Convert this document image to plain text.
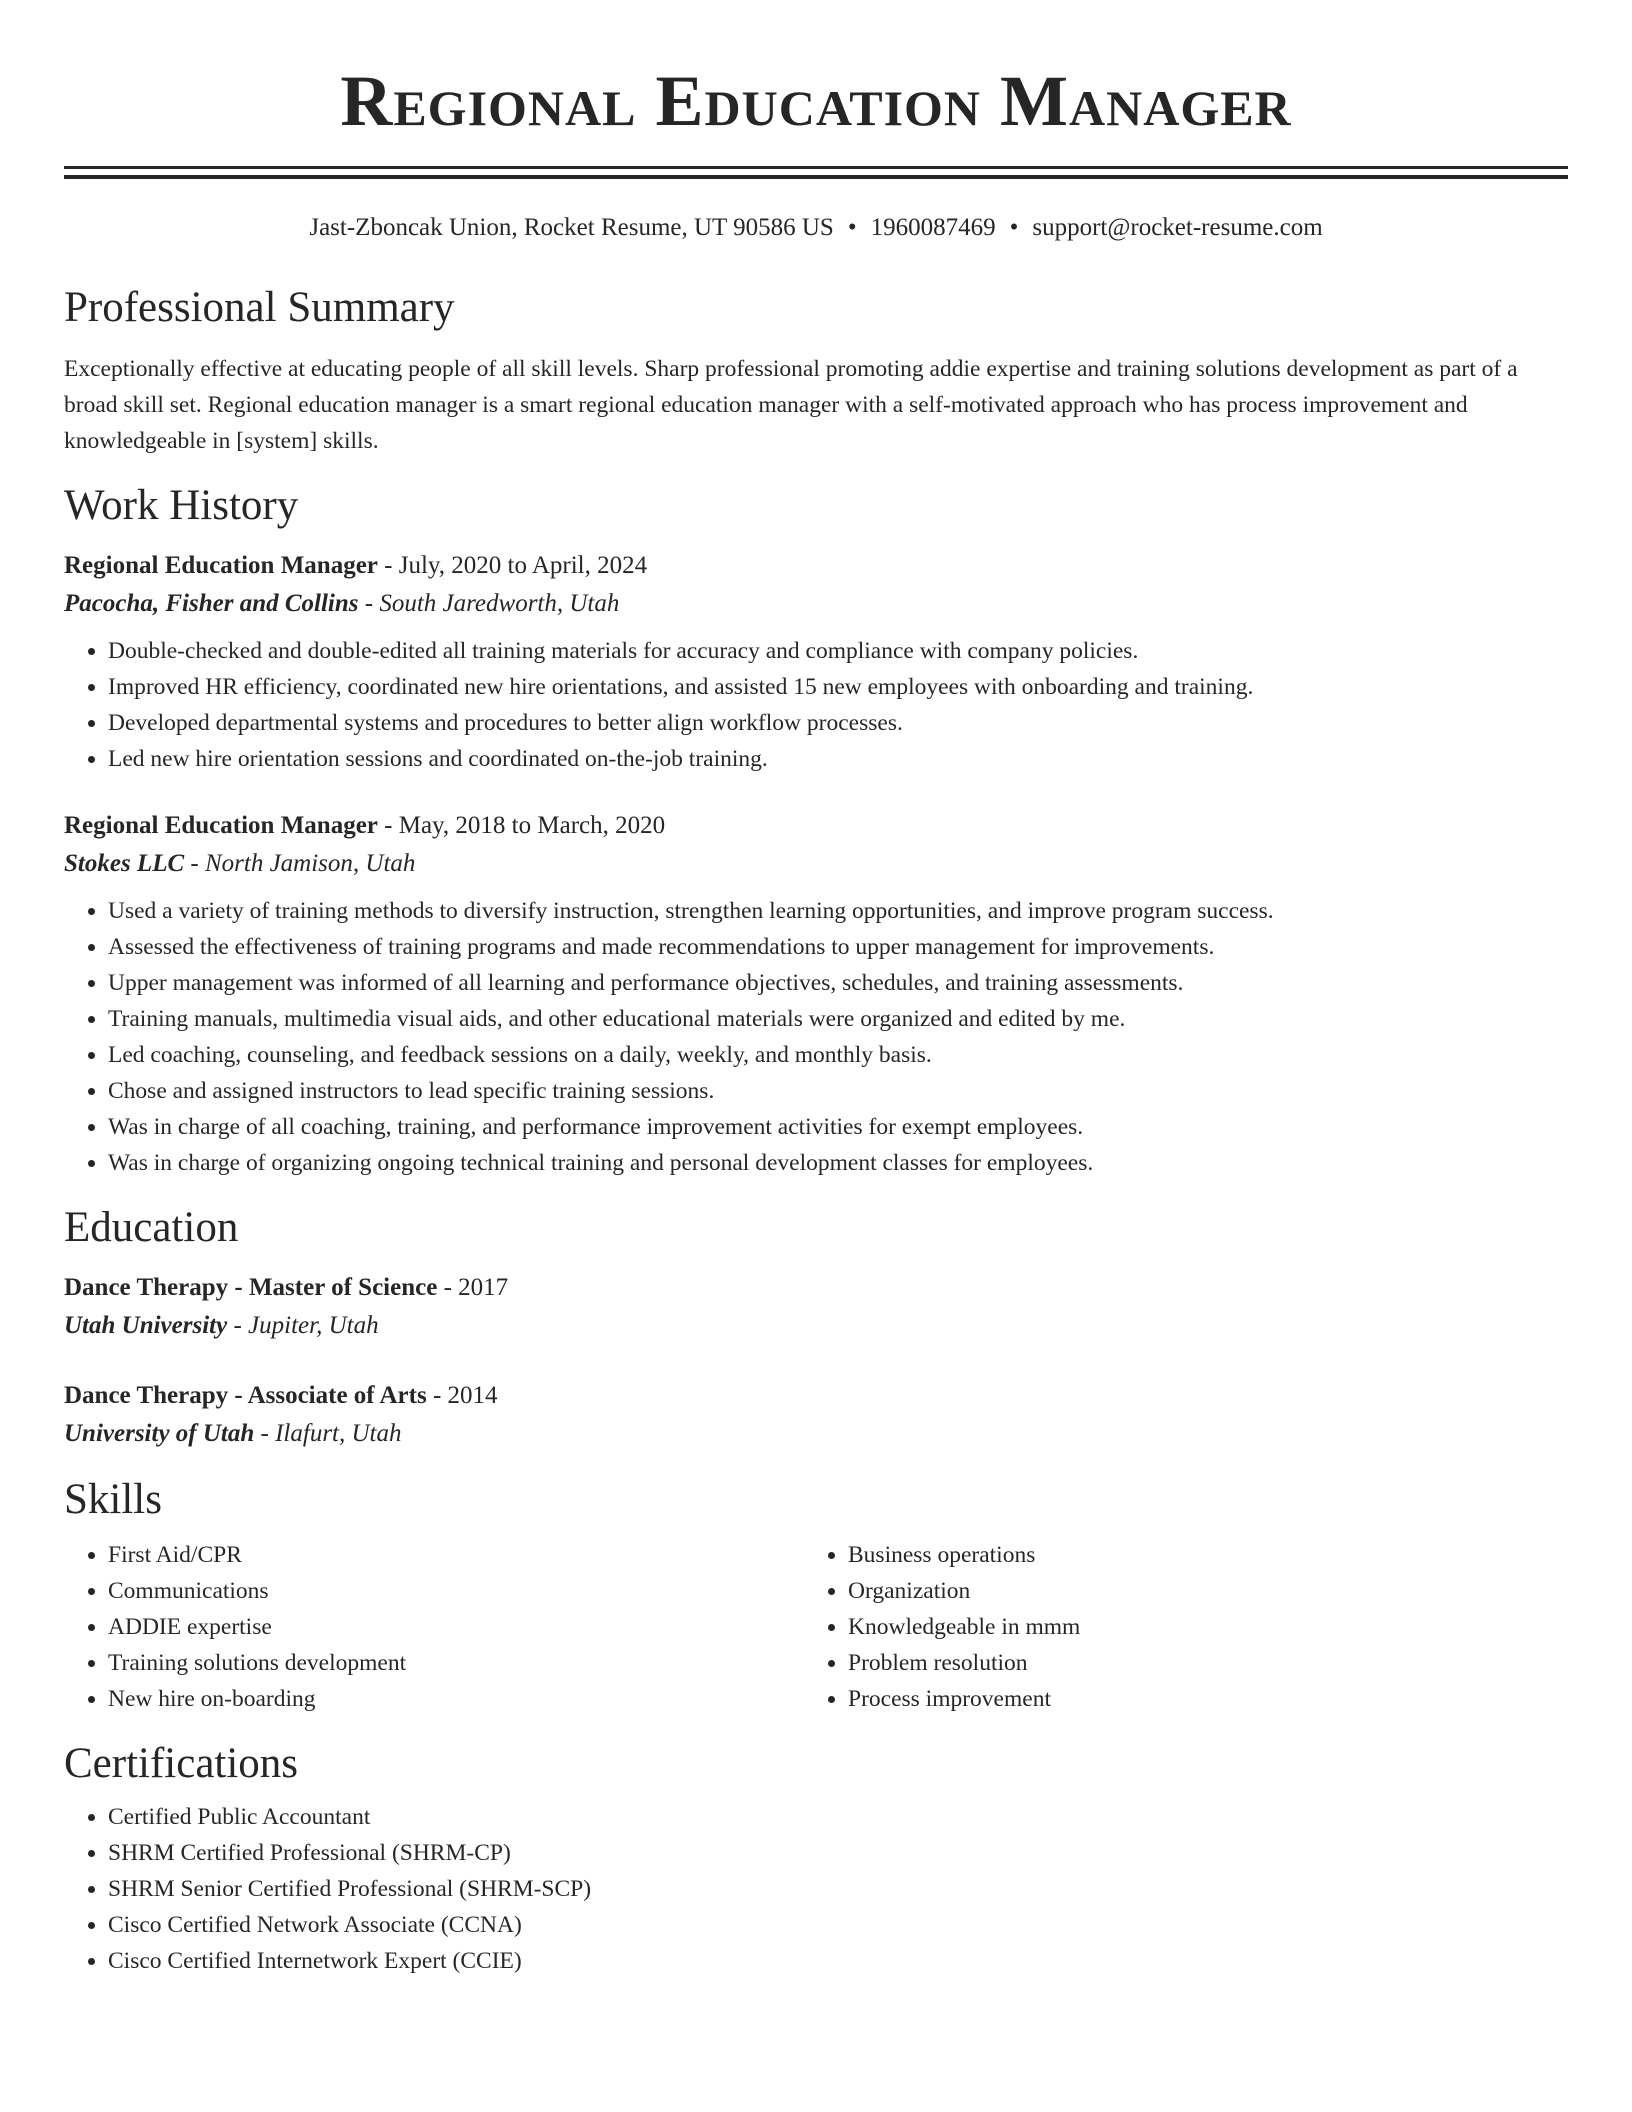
Regional Education Manager
Jast-Zboncak Union, Rocket Resume, UT 90586 US • 1960087469 • support@rocket-resume.com
Professional Summary
Exceptionally effective at educating people of all skill levels. Sharp professional promoting addie expertise and training solutions development as part of a broad skill set. Regional education manager is a smart regional education manager with a self-motivated approach who has process improvement and knowledgeable in [system] skills.
Work History
Regional Education Manager - July, 2020 to April, 2024
Pacocha, Fisher and Collins - South Jaredworth, Utah
• Double-checked and double-edited all training materials for accuracy and compliance with company policies.
• Improved HR efficiency, coordinated new hire orientations, and assisted 15 new employees with onboarding and training.
• Developed departmental systems and procedures to better align workflow processes.
• Led new hire orientation sessions and coordinated on-the-job training.
Regional Education Manager - May, 2018 to March, 2020
Stokes LLC - North Jamison, Utah
• Used a variety of training methods to diversify instruction, strengthen learning opportunities, and improve program success.
• Assessed the effectiveness of training programs and made recommendations to upper management for improvements.
• Upper management was informed of all learning and performance objectives, schedules, and training assessments.
• Training manuals, multimedia visual aids, and other educational materials were organized and edited by me.
• Led coaching, counseling, and feedback sessions on a daily, weekly, and monthly basis.
• Chose and assigned instructors to lead specific training sessions.
• Was in charge of all coaching, training, and performance improvement activities for exempt employees.
• Was in charge of organizing ongoing technical training and personal development classes for employees.
Education
Dance Therapy - Master of Science - 2017
Utah University - Jupiter, Utah
Dance Therapy - Associate of Arts - 2014
University of Utah - Ilafurt, Utah
Skills
• First Aid/CPR
• Communications
• ADDIE expertise
• Training solutions development
• New hire on-boarding
• Business operations
• Organization
• Knowledgeable in mmm
• Problem resolution
• Process improvement
Certifications
• Certified Public Accountant
• SHRM Certified Professional (SHRM-CP)
• SHRM Senior Certified Professional (SHRM-SCP)
• Cisco Certified Network Associate (CCNA)
• Cisco Certified Internetwork Expert (CCIE)
